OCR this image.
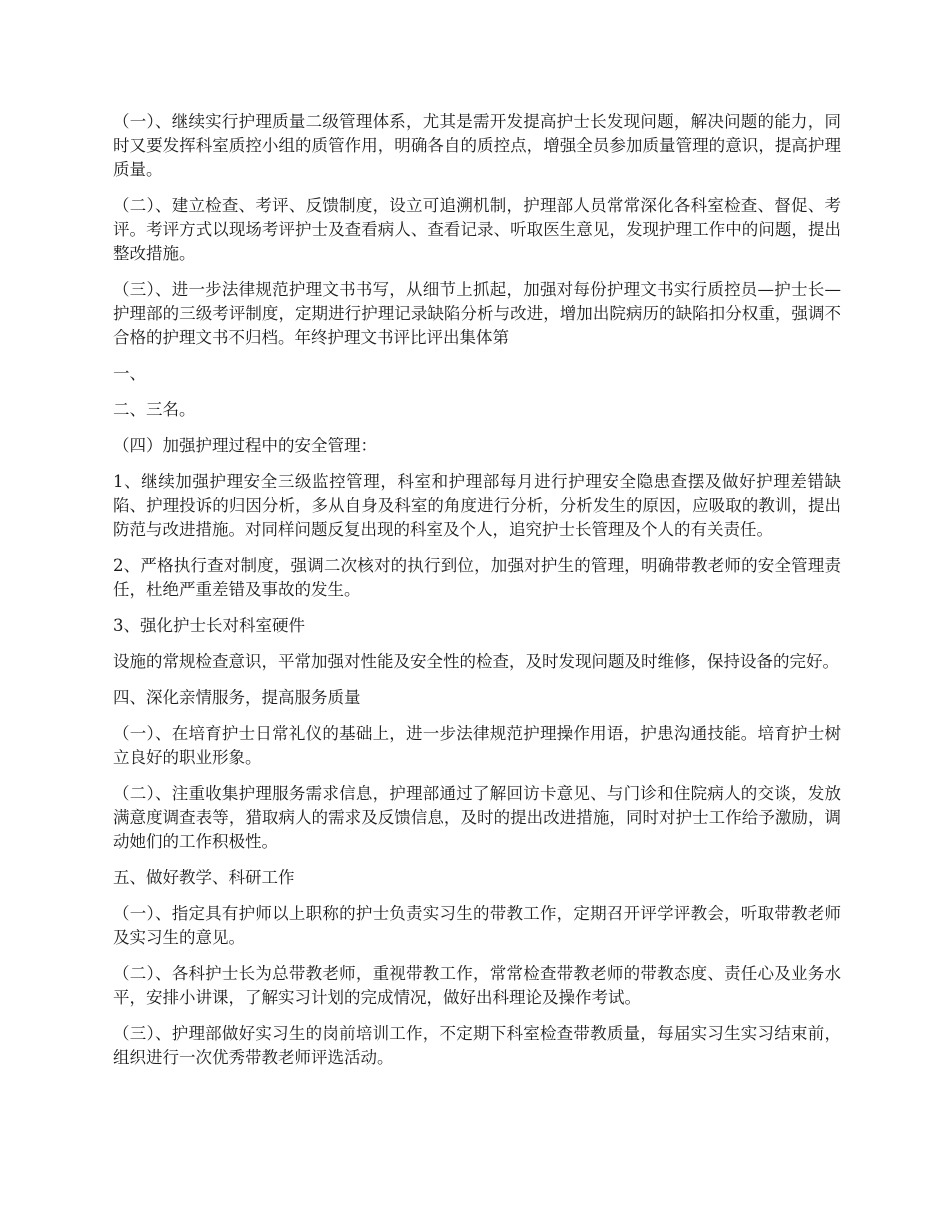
（一）、继续实行护理质量二级管理体系，尤其是需开发提高护士长发现问题，解决问题的能力，同时又要发挥科室质控小组的质管作用，明确各自的质控点，增强全员参加质量管理的意识，提高护理质量。

（二）、建立检查、考评、反馈制度，设立可追溯机制，护理部人员常常深化各科室检查、督促、考评。考评方式以现场考评护士及查看病人、查看记录、听取医生意见，发现护理工作中的问题，提出整改措施。

（三）、进一步法律规范护理文书书写，从细节上抓起，加强对每份护理文书实行质控员—护士长—护理部的三级考评制度，定期进行护理记录缺陷分析与改进，增加出院病历的缺陷扣分权重，强调不合格的护理文书不归档。年终护理文书评比评出集体第

一、

二、三名。

（四）加强护理过程中的安全管理：

1、继续加强护理安全三级监控管理，科室和护理部每月进行护理安全隐患查摆及做好护理差错缺陷、护理投诉的归因分析，多从自身及科室的角度进行分析，分析发生的原因，应吸取的教训，提出防范与改进措施。对同样问题反复出现的科室及个人，追究护士长管理及个人的有关责任。

2、严格执行查对制度，强调二次核对的执行到位，加强对护生的管理，明确带教老师的安全管理责任，杜绝严重差错及事故的发生。

3、强化护士长对科室硬件

设施的常规检查意识，平常加强对性能及安全性的检查，及时发现问题及时维修，保持设备的完好。

四、深化亲情服务，提高服务质量

（一）、在培育护士日常礼仪的基础上，进一步法律规范护理操作用语，护患沟通技能。培育护士树立良好的职业形象。

（二）、注重收集护理服务需求信息，护理部通过了解回访卡意见、与门诊和住院病人的交谈，发放满意度调查表等，猎取病人的需求及反馈信息，及时的提出改进措施，同时对护士工作给予激励，调动她们的工作积极性。

五、做好教学、科研工作

（一）、指定具有护师以上职称的护士负责实习生的带教工作，定期召开评学评教会，听取带教老师及实习生的意见。

（二）、各科护士长为总带教老师，重视带教工作，常常检查带教老师的带教态度、责任心及业务水平，安排小讲课，了解实习计划的完成情况，做好出科理论及操作考试。

（三）、护理部做好实习生的岗前培训工作，不定期下科室检查带教质量，每届实习生实习结束前，组织进行一次优秀带教老师评选活动。
